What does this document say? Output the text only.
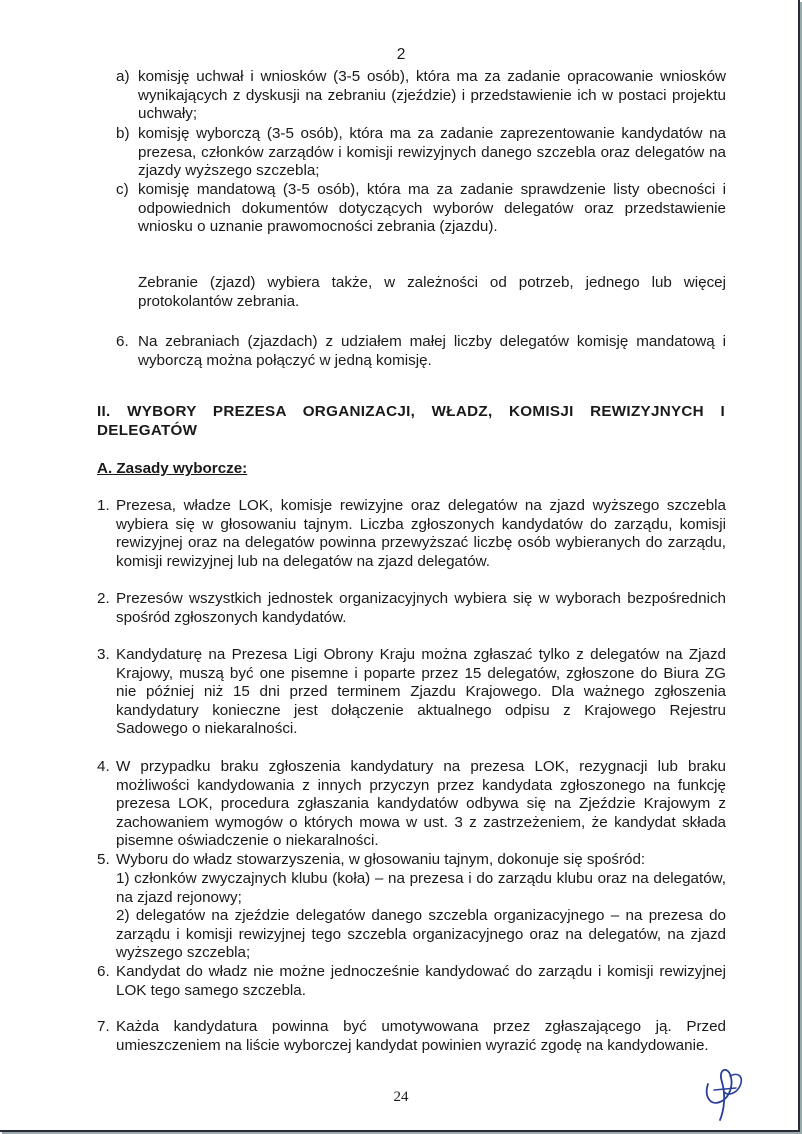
2
a) komisję uchwał i wniosków (3-5 osób), która ma za zadanie opracowanie wniosków wynikających z dyskusji na zebraniu (zjeździe) i przedstawienie ich w postaci projektu uchwały;
b) komisję wyborczą (3-5 osób), która ma za zadanie zaprezentowanie kandydatów na prezesa, członków zarządów i komisji rewizyjnych danego szczebla oraz delegatów na zjazdy wyższego szczebla;
c) komisję mandatową (3-5 osób), która ma za zadanie sprawdzenie listy obecności i odpowiednich dokumentów dotyczących wyborów delegatów oraz przedstawienie wniosku o uznanie prawomocności zebrania (zjazdu).
Zebranie (zjazd) wybiera także, w zależności od potrzeb, jednego lub więcej protokolantów zebrania.
6. Na zebraniach (zjazdach) z udziałem małej liczby delegatów komisję mandatową i wyborczą można połączyć w jedną komisję.
II. WYBORY PREZESA ORGANIZACJI, WŁADZ, KOMISJI REWIZYJNYCH I DELEGATÓW
A. Zasady wyborcze:
1. Prezesa, władze LOK, komisje rewizyjne oraz delegatów na zjazd wyższego szczebla wybiera się w głosowaniu tajnym. Liczba zgłoszonych kandydatów do zarządu, komisji rewizyjnej oraz na delegatów powinna przewyższać liczbę osób wybieranych do zarządu, komisji rewizyjnej lub na delegatów na zjazd delegatów.
2. Prezesów wszystkich jednostek organizacyjnych wybiera się w wyborach bezpośrednich spośród zgłoszonych kandydatów.
3. Kandydaturę na Prezesa Ligi Obrony Kraju można zgłaszać tylko z delegatów na Zjazd Krajowy, muszą być one pisemne i poparte przez 15 delegatów, zgłoszone do Biura ZG nie później niż 15 dni przed terminem Zjazdu Krajowego. Dla ważnego zgłoszenia kandydatury konieczne jest dołączenie aktualnego odpisu z Krajowego Rejestru Sadowego o niekaralności.
4. W przypadku braku zgłoszenia kandydatury na prezesa LOK, rezygnacji lub braku możliwości kandydowania z innych przyczyn przez kandydata zgłoszonego na funkcję prezesa LOK, procedura zgłaszania kandydatów odbywa się na Zjeździe Krajowym z zachowaniem wymogów o których mowa w ust. 3 z zastrzeżeniem, że kandydat składa pisemne oświadczenie o niekaralności.
5. Wyboru do władz stowarzyszenia, w głosowaniu tajnym, dokonuje się spośród:
1) członków zwyczajnych klubu (koła) – na prezesa i do zarządu klubu oraz na delegatów, na zjazd rejonowy;
2) delegatów na zjeździe delegatów danego szczebla organizacyjnego – na prezesa do zarządu i komisji rewizyjnej tego szczebla organizacyjnego oraz na delegatów, na zjazd wyższego szczebla;
6. Kandydat do władz nie możne jednocześnie kandydować do zarządu i komisji rewizyjnej LOK tego samego szczebla.
7. Każda kandydatura powinna być umotywowana przez zgłaszającego ją. Przed umieszczeniem na liście wyborczej kandydat powinien wyrazić zgodę na kandydowanie.
24
